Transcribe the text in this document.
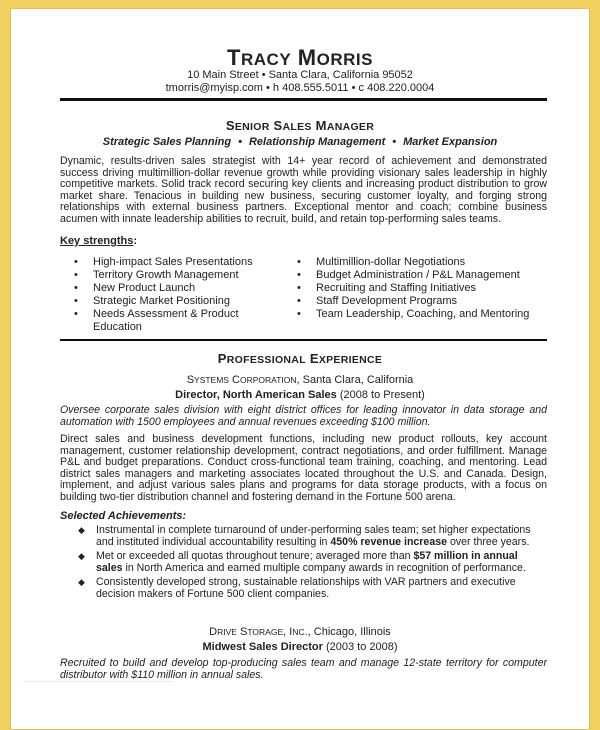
TRACY MORRIS
10 Main Street • Santa Clara, California 95052
tmorris@myisp.com • h 408.555.5011 • c 408.220.0004
SENIOR SALES MANAGER
Strategic Sales Planning • Relationship Management • Market Expansion
Dynamic, results-driven sales strategist with 14+ year record of achievement and demonstrated success driving multimillion-dollar revenue growth while providing visionary sales leadership in highly competitive markets. Solid track record securing key clients and increasing product distribution to grow market share. Tenacious in building new business, securing customer loyalty, and forging strong relationships with external business partners. Exceptional mentor and coach; combine business acumen with innate leadership abilities to recruit, build, and retain top-performing sales teams.
Key strengths:
• High-impact Sales Presentations
• Territory Growth Management
• New Product Launch
• Strategic Market Positioning
• Needs Assessment & Product Education
• Multimillion-dollar Negotiations
• Budget Administration / P&L Management
• Recruiting and Staffing Initiatives
• Staff Development Programs
• Team Leadership, Coaching, and Mentoring
PROFESSIONAL EXPERIENCE
SYSTEMS CORPORATION, Santa Clara, California
Director, North American Sales (2008 to Present)
Oversee corporate sales division with eight district offices for leading innovator in data storage and automation with 1500 employees and annual revenues exceeding $100 million.
Direct sales and business development functions, including new product rollouts, key account management, customer relationship development, contract negotiations, and order fulfillment. Manage P&L and budget preparations. Conduct cross-functional team training, coaching, and mentoring. Lead district sales managers and marketing associates located throughout the U.S. and Canada. Design, implement, and adjust various sales plans and programs for data storage products, with a focus on building two-tier distribution channel and fostering demand in the Fortune 500 arena.
Selected Achievements:
◆ Instrumental in complete turnaround of under-performing sales team; set higher expectations and instituted individual accountability resulting in 450% revenue increase over three years.
◆ Met or exceeded all quotas throughout tenure; averaged more than $57 million in annual sales in North America and earned multiple company awards in recognition of performance.
◆ Consistently developed strong, sustainable relationships with VAR partners and executive decision makers of Fortune 500 client companies.
DRIVE STORAGE, INC., Chicago, Illinois
Midwest Sales Director (2003 to 2008)
Recruited to build and develop top-producing sales team and manage 12-state territory for computer distributor with $110 million in annual sales.
